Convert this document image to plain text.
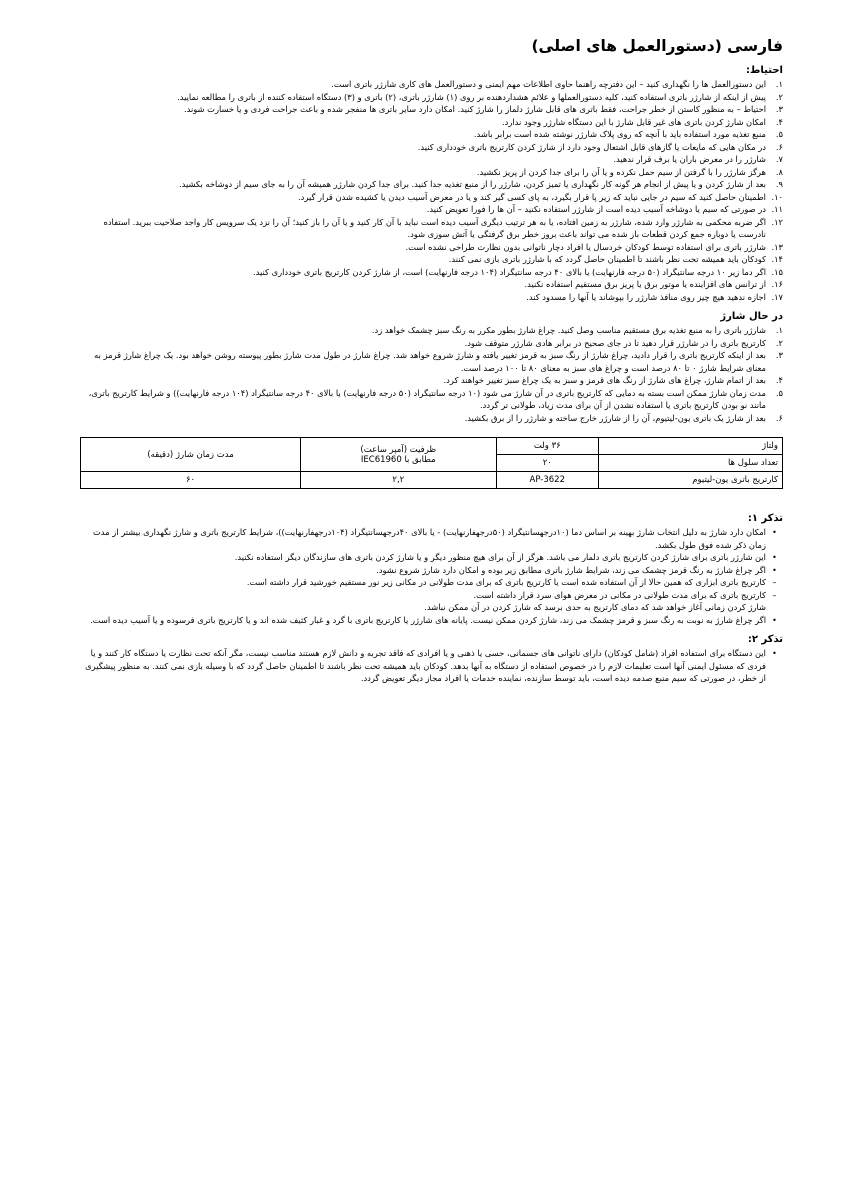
فارسی (دستورالعمل های اصلی)
احتیاط:
۱.
این دستورالعمل ها را نگهداری کنید – این دفترچه راهنما حاوی اطلاعات مهم ایمنی و دستورالعمل های کاری شارژر باتری است.
۲.
پیش از اینکه از شارژر باتری استفاده کنید، کلیه دستورالعملها و علائم هشداردهنده بر روی (۱) شارژر باتری، (۲) باتری و (۳) دستگاه استفاده کننده از باتری را مطالعه نمایید.
۳.
احتیاط – به منظور کاستن از خطر جراحت، فقط باتری های قابل شارژ دلماز را شارژ کنید. امکان دارد سایر باتری ها منفجر شده و باعث جراحت فردی و یا خسارت شوند.
۴.
امکان شارژ کردن باتری های غیر قابل شارژ با این دستگاه شارژر وجود ندارد.
۵.
منبع تغذیه مورد استفاده باید با آنچه که روی پلاک شارژر نوشته شده است برابر باشد.
۶.
در مکان هایی که مایعات یا گازهای قابل اشتعال وجود دارد از شارژ کردن کارتریج باتری خودداری کنید.
۷.
شارژر را در معرض باران یا برف قرار ندهید.
۸.
هرگز شارژر را با گرفتن از سیم حمل نکرده و یا آن را برای جدا کردن از پریز نکشید.
۹.
بعد از شارژ کردن و یا پیش از انجام هر گونه کار نگهداری یا تمیز کردن، شارژر را از منبع تغذیه جدا کنید. برای جدا کردن شارژر همیشه آن را به جای سیم از دوشاخه بکشید.
۱۰.
اطمینان حاصل کنید که سیم در جایی نباید که زیر پا قرار بگیرد، به پای کسی گیر کند و یا در معرض آسیب دیدن یا کشیده شدن قرار گیرد.
۱۱.
در صورتی که سیم یا دوشاخه آسیب دیده است از شارژر استفاده نکنید – آن ها را فورا تعویض کنید.
۱۲.
اگر ضربه محکمی به شارژر وارد شده، شارژر به زمین افتاده، یا به هر ترتیب دیگری آسیب دیده است نباید با آن کار کنید و یا آن را باز کنید؛ آن را نزد یک سرویس کار واجد صلاحیت ببرید. استفاده نادرست یا دوباره جمع کردن قطعات باز شده می تواند باعث بروز خطر برق گرفتگی یا آتش سوزی شود.
۱۳.
شارژر باتری برای استفاده توسط کودکان خردسال یا افراد دچار ناتوانی بدون نظارت طراحی نشده است.
۱۴.
کودکان باید همیشه تحت نظر باشند تا اطمینان حاصل گردد که با شارژر باتری بازی نمی کنند.
۱۵.
اگر دما زیر ۱۰ درجه سانتیگراد (۵۰ درجه فارنهایت) یا بالای ۴۰ درجه سانتیگراد (۱۰۴ درجه فارنهایت) است، از شارژ کردن کارتریج باتری خودداری کنید.
۱۶.
از ترانس های افزاینده یا موتور برق یا پریز برق مستقیم استفاده نکنید.
۱۷.
اجازه ندهید هیچ چیز روی منافذ شارژر را بپوشاند یا آنها را مسدود کند.
در حال شارژ
۱.
شارژر باتری را به منبع تغذیه برق مستقیم مناسب وصل کنید. چراغ شارژ بطور مکرر به رنگ سبز چشمک خواهد زد.
۲.
کارتریج باتری را در شارژر قرار دهید تا در جای صحیح در برابر هادی شارژر متوقف شود.
۳.
بعد از اینکه کارتریج باتری را قرار دادید، چراغ شارژ از رنگ سبز به قرمز تغییر یافته و شارژ شروع خواهد شد. چراغ شارژ در طول مدت شارژ بطور پیوسته روشن خواهد بود. یک چراغ شارژ قرمز به معنای شرایط شارژ ۰ تا ۸۰ درصد است و چراغ های سبز به معنای ۸۰ تا ۱۰۰ درصد است.
۴.
بعد از اتمام شارژ، چراغ های شارژ از رنگ های قرمز و سبز به یک چراغ سبز تغییر خواهند کرد.
۵.
مدت زمان شارژ ممکن است بسته به دمایی که کارتریج باتری در آن شارژ می شود (۱۰ درجه سانتیگراد (۵۰ درجه فارنهایت) یا بالای ۴۰ درجه سانتیگراد (۱۰۴ درجه فارنهایت)) و شرایط کارتریج باتری، مانند نو بودن کارتریج باتری یا استفاده نشدن از آن برای مدت زیاد، طولانی تر گردد.
۶.
بعد از شارژ یک باتری یون-لیتیوم، آن را از شارژر خارج ساخته و شارژر را از برق بکشید.
ولتاژ	۳۶ ولت	ظرفیت (آمپر ساعت)
مطابق با IEC61960	مدت زمان شارژ (دقیقه)
تعداد سلول ها	۲۰		
کارتریج باتری یون-لیتیوم	AP-3622	۲,۲	۶۰
تذکر ۱:
•
امکان دارد شارژ به دلیل انتخاب شارژ بهینه بر اساس دما (۱۰درجهسانتیگراد (۵۰درجهفارنهایت) - یا بالای ۴۰درجهسانتیگراد (۱۰۴درجهفارنهایت))، شرایط کارتریج باتری و شارژ نگهداری بیشتر از مدت زمان ذکر شده فوق طول بکشد.
•
این شارژر باتری برای شارژ کردن کارتریج باتری دلمار می باشد. هرگز از آن برای هیچ منظور دیگر و یا شارژ کردن باتری های سازندگان دیگر استفاده نکنید.
•
اگر چراغ شارژ به رنگ قرمز چشمک می زند، شرایط شارژ باتری مطابق زیر بوده و امکان دارد شارژ شروع نشود.
–
کارتریج باتری ابزاری که همین حالا از آن استفاده شده است یا کارتریج باتری که برای مدت طولانی در مکانی زیر نور مستقیم خورشید قرار داشته است.
–
کارتریج باتری که برای مدت طولانی در مکانی در معرض هوای سرد قرار داشته است.
شارژ کردن زمانی آغاز خواهد شد که دمای کارتریج به حدی برسد که شارژ کردن در آن ممکن نباشد.
•
اگر چراغ شارژ به نوبت به رنگ سبز و قرمز چشمک می زند، شارژ کردن ممکن نیست. پایانه های شارژر یا کارتریج باتری با گرد و غبار کثیف شده اند و یا کارتریج باتری فرسوده و یا آسیب دیده است.
تذکر ۲:
•
این دستگاه برای استفاده افراد (شامل کودکان) دارای ناتوانی های جسمانی، حسی یا ذهنی و یا افرادی که فاقد تجربه و دانش لازم هستند مناسب نیست، مگر آنکه تحت نظارت یا دستگاه کار کنند و یا فردی که مسئول ایمنی آنها است تعلیمات لازم را در خصوص استفاده از دستگاه به آنها بدهد. کودکان باید همیشه تحت نظر باشند تا اطمینان حاصل گردد که با وسیله بازی نمی کنند. به منظور پیشگیری از خطر، در صورتی که سیم منبع صدمه دیده است، باید توسط سازنده، نماینده خدمات یا افراد مجاز دیگر تعویض گردد.
